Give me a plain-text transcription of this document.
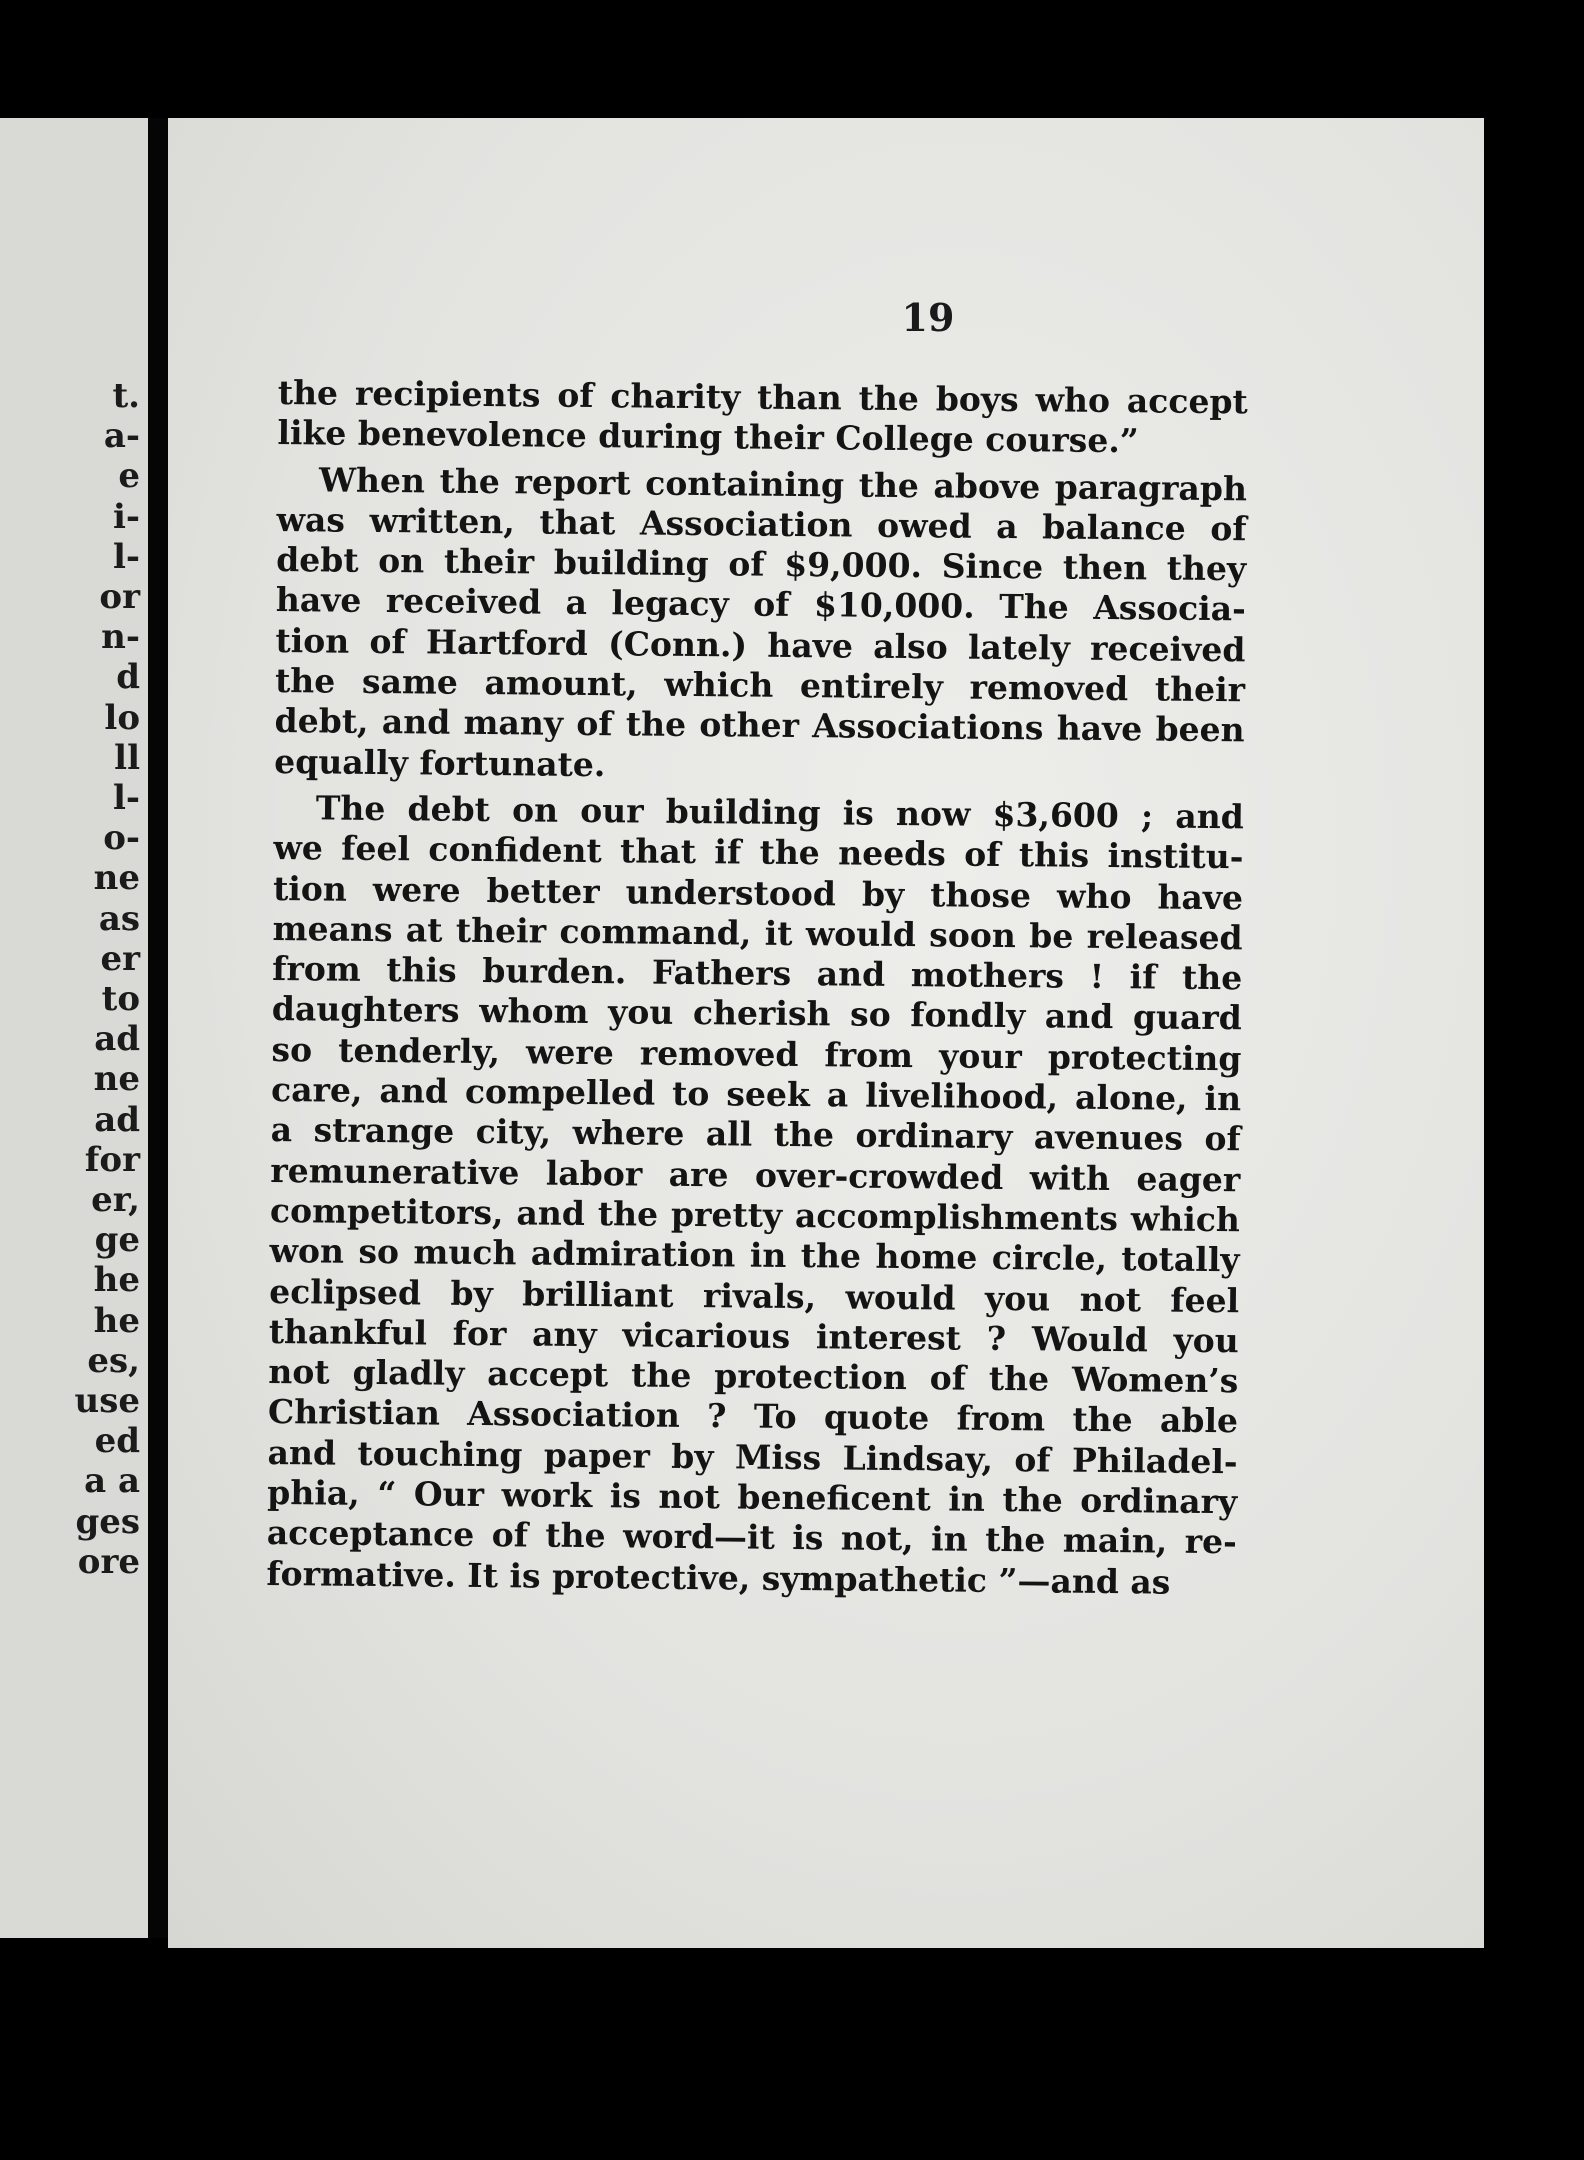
t.
a-
e
i-
l-
or
n-
d
lo
ll
l-
o-
ne
as
er
to
ad
ne
ad
for
er,
ge
he
he
es,
use
ed
a a
ges
ore

19

the recipients of charity than the boys who accept
like benevolence during their College course.”
When the report containing the above paragraph
was written, that Association owed a balance of
debt on their building of $9,000. Since then they
have received a legacy of $10,000. The Associa-
tion of Hartford (Conn.) have also lately received
the same amount, which entirely removed their
debt, and many of the other Associations have been
equally fortunate.
The debt on our building is now $3,600 ; and
we feel confident that if the needs of this institu-
tion were better understood by those who have
means at their command, it would soon be released
from this burden. Fathers and mothers ! if the
daughters whom you cherish so fondly and guard
so tenderly, were removed from your protecting
care, and compelled to seek a livelihood, alone, in
a strange city, where all the ordinary avenues of
remunerative labor are over-crowded with eager
competitors, and the pretty accomplishments which
won so much admiration in the home circle, totally
eclipsed by brilliant rivals, would you not feel
thankful for any vicarious interest ? Would you
not gladly accept the protection of the Women’s
Christian Association ? To quote from the able
and touching paper by Miss Lindsay, of Philadel-
phia, “ Our work is not beneficent in the ordinary
acceptance of the word—it is not, in the main, re-
formative. It is protective, sympathetic ”—and as
